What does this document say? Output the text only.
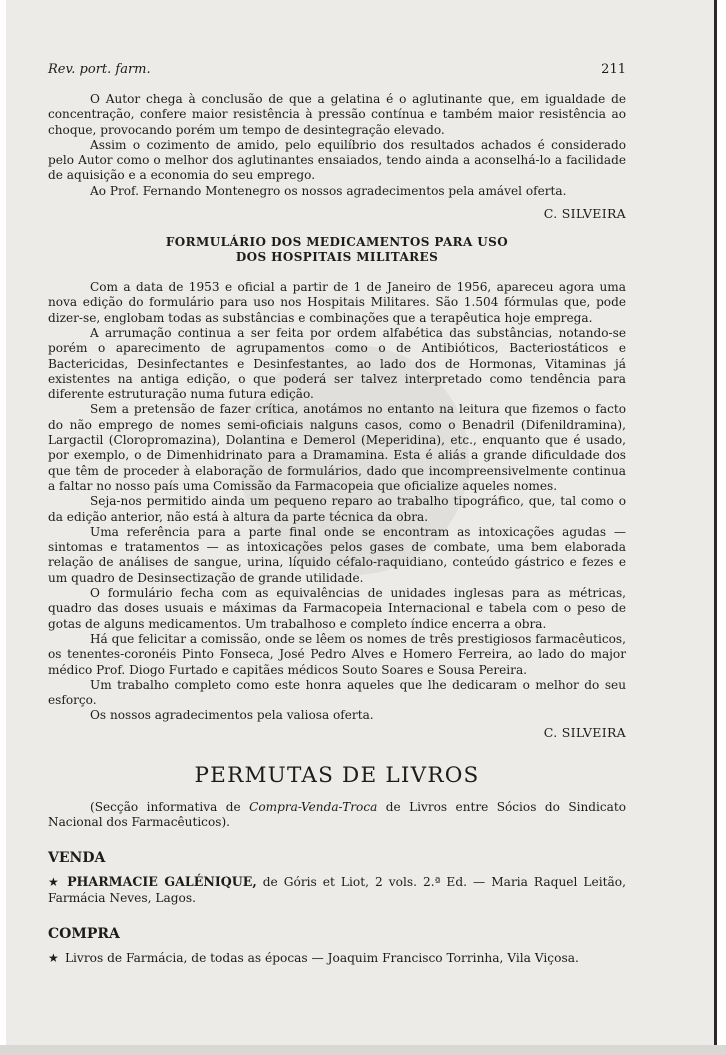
Rev. port. farm.	211

O Autor chega à conclusão de que a gelatina é o aglutinante que, em igualdade de concentração, confere maior resistência à pressão contínua e também maior resistência ao choque, provocando porém um tempo de desintegração elevado.

Assim o cozimento de amido, pelo equilíbrio dos resultados achados é considerado pelo Autor como o melhor dos aglutinantes ensaiados, tendo ainda a aconselhá-lo a facilidade de aquisição e a economia do seu emprego.

Ao Prof. Fernando Montenegro os nossos agradecimentos pela amável oferta.

C. SILVEIRA
FORMULÁRIO DOS MEDICAMENTOS PARA USO
DOS HOSPITAIS MILITARES

Com a data de 1953 e oficial a partir de 1 de Janeiro de 1956, apareceu agora uma nova edição do formulário para uso nos Hospitais Militares. São 1.504 fórmulas que, pode dizer-se, englobam todas as substâncias e combinações que a terapêutica hoje emprega.

A arrumação continua a ser feita por ordem alfabética das substâncias, notando-se porém o aparecimento de agrupamentos como o de Antibióticos, Bacteriostáticos e Bactericidas, Desinfectantes e Desinfestantes, ao lado dos de Hormonas, Vitaminas já existentes na antiga edição, o que poderá ser talvez interpretado como tendência para diferente estruturação numa futura edição.

Sem a pretensão de fazer crítica, anotámos no entanto na leitura que fizemos o facto do não emprego de nomes semi-oficiais nalguns casos, como o Benadril (Difenildramina), Largactil (Cloropromazina), Dolantina e Demerol (Meperidina), etc., enquanto que é usado, por exemplo, o de Dimenhidrinato para a Dramamina. Esta é aliás a grande dificuldade dos que têm de proceder à elaboração de formulários, dado que incompreensivelmente continua a faltar no nosso país uma Comissão da Farmacopeia que oficialize aqueles nomes.

Seja-nos permitido ainda um pequeno reparo ao trabalho tipográfico, que, tal como o da edição anterior, não está à altura da parte técnica da obra.

Uma referência para a parte final onde se encontram as intoxicações agudas — sintomas e tratamentos — as intoxicações pelos gases de combate, uma bem elaborada relação de análises de sangue, urina, líquido céfalo-raquidiano, conteúdo gástrico e fezes e um quadro de Desinsectização de grande utilidade.

O formulário fecha com as equivalências de unidades inglesas para as métricas, quadro das doses usuais e máximas da Farmacopeia Internacional e tabela com o peso de gotas de alguns medicamentos. Um trabalhoso e completo índice encerra a obra.

Há que felicitar a comissão, onde se lêem os nomes de três prestigiosos farmacêuticos, os tenentes-coronéis Pinto Fonseca, José Pedro Alves e Homero Ferreira, ao lado do major médico Prof. Diogo Furtado e capitães médicos Souto Soares e Sousa Pereira.

Um trabalho completo como este honra aqueles que lhe dedicaram o melhor do seu esforço.

Os nossos agradecimentos pela valiosa oferta.

C. SILVEIRA
PERMUTAS DE LIVROS

(Secção informativa de Compra-Venda-Troca de Livros entre Sócios do Sindicato Nacional dos Farmacêuticos).

VENDA
★ PHARMACIE GALÉNIQUE, de Góris et Liot, 2 vols. 2.ª Ed. — Maria Raquel Leitão, Farmácia Neves, Lagos.
COMPRA
★ Livros de Farmácia, de todas as épocas — Joaquim Francisco Torrinha, Vila Viçosa.
